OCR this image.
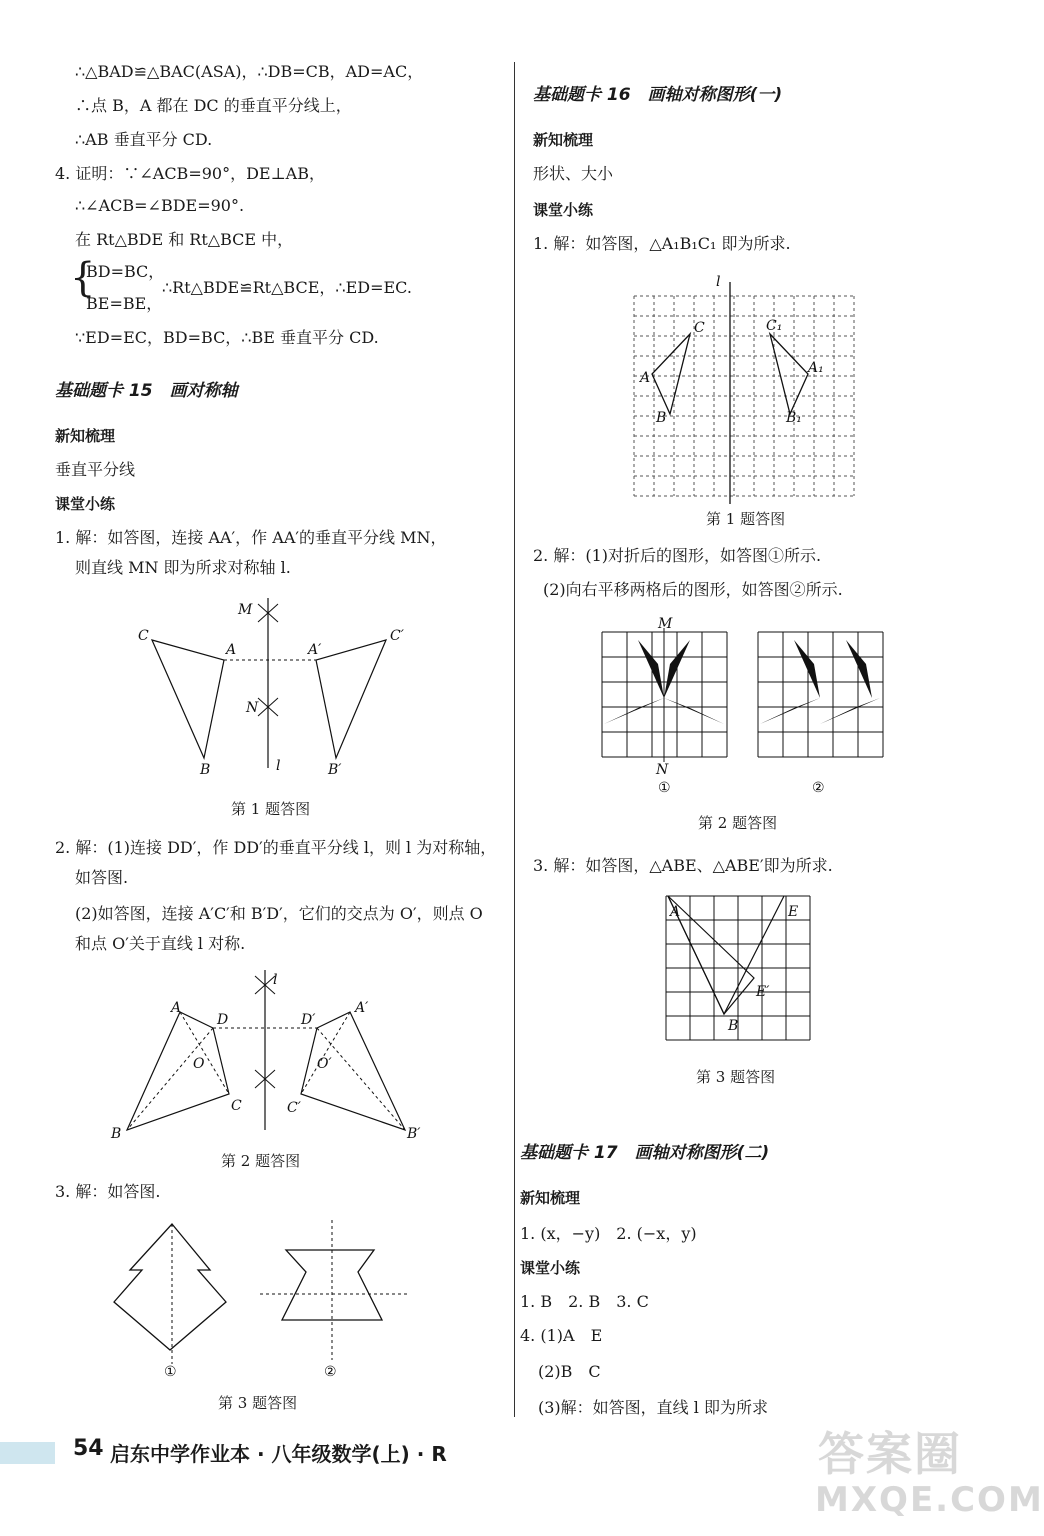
∴△BAD≌△BAC(ASA)，∴DB=CB，AD=AC，
∴点 B，A 都在 DC 的垂直平分线上，
∴AB 垂直平分 CD.
4. 证明：∵∠ACB=90°，DE⊥AB，
∴∠ACB=∠BDE=90°.
在 Rt△BDE 和 Rt△BCE 中，
{
BD=BC，
∴Rt△BDE≌Rt△BCE，∴ED=EC.
BE=BE，
∵ED=EC，BD=BC，∴BE 垂直平分 CD.
基础题卡 15　画对称轴
新知梳理
垂直平分线
课堂小练
1. 解：如答图，连接 AA′，作 AA′的垂直平分线 MN，
则直线 MN 即为所求对称轴 l.
M
N
l
C
A
B
A′
C′
B′
第 1 题答图
2. 解：(1)连接 DD′，作 DD′的垂直平分线 l，则 l 为对称轴，
如答图.
(2)如答图，连接 A′C′和 B′D′，它们的交点为 O′，则点 O
和点 O′关于直线 l 对称.
l
A
D
O
C
B
A′
D′
O′
C′
B′
第 2 题答图
3. 解：如答图.
①	②
第 3 题答图
基础题卡 16　画轴对称图形(一)
新知梳理
形状、大小
课堂小练
1. 解：如答图，△A₁B₁C₁ 即为所求.
l
C
A
B
C₁
A₁
B₁
第 1 题答图
2. 解：(1)对折后的图形，如答图①所示.
(2)向右平移两格后的图形，如答图②所示.
M
N
①	②
第 2 题答图
3. 解：如答图，△ABE、△ABE′即为所求.
A	E
E′
B
第 3 题答图
基础题卡 17　画轴对称图形(二)
新知梳理
1. (x，−y)　2. (−x，y)
课堂小练
1. B　2. B　3. C
4. (1)A　E
(2)B　C
(3)解：如答图，直线 l 即为所求
54 启东中学作业本 · 八年级数学(上) · R	答案圈
MXQE.COM
